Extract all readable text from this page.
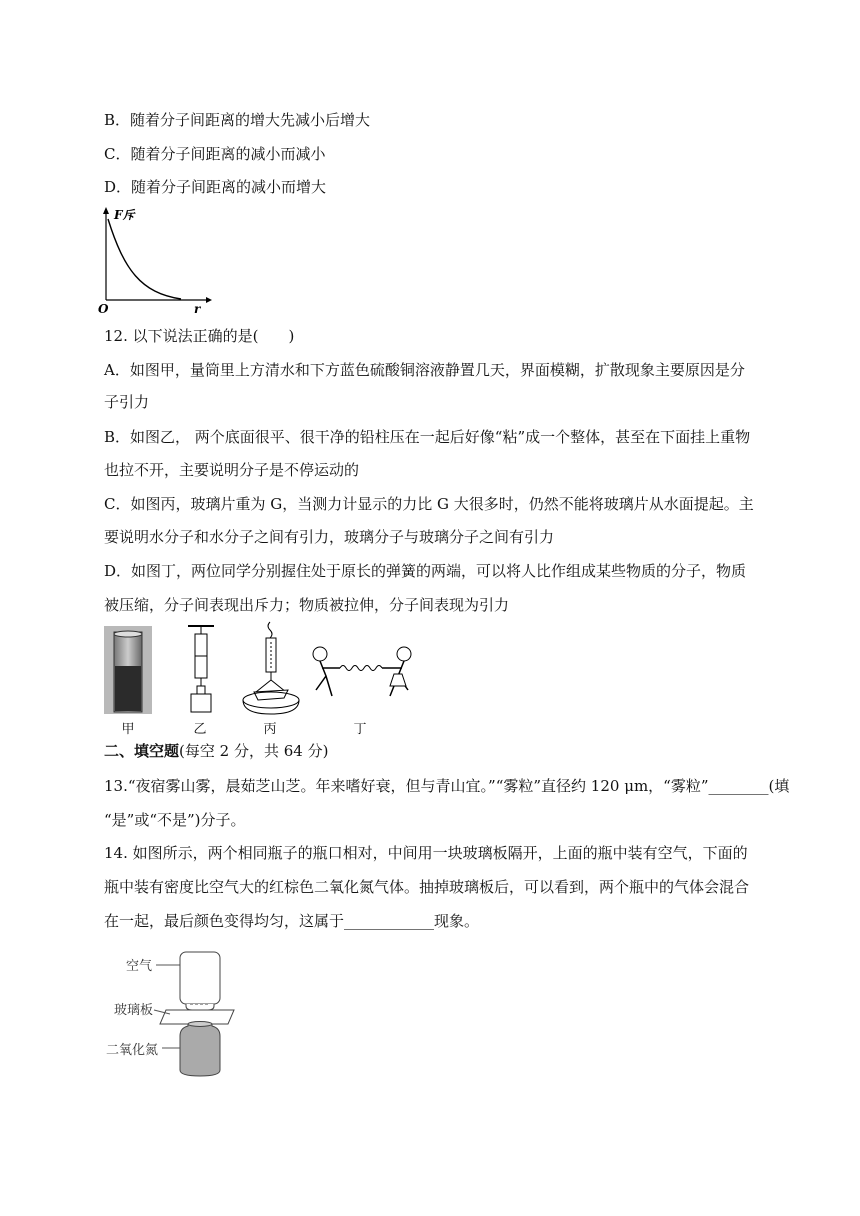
B．随着分子间距离的增大先减小后增大
C．随着分子间距离的减小而减小
D．随着分子间距离的减小而增大
F斥
r
O
12. 以下说法正确的是(　　)
A．如图甲，量筒里上方清水和下方蓝色硫酸铜溶液静置几天，界面模糊，扩散现象主要原因是分
子引力
B．如图乙， 两个底面很平、很干净的铅柱压在一起后好像“粘”成一个整体，甚至在下面挂上重物
也拉不开，主要说明分子是不停运动的
C．如图丙，玻璃片重为 G，当测力计显示的力比 G 大很多时，仍然不能将玻璃片从水面提起。主
要说明水分子和水分子之间有引力，玻璃分子与玻璃分子之间有引力
D．如图丁，两位同学分别握住处于原长的弹簧的两端，可以将人比作组成某些物质的分子，物质
被压缩，分子间表现出斥力；物质被拉伸，分子间表现为引力
甲	乙	丙	丁
二、填空题(每空 2 分，共 64 分)
13.“夜宿雾山雾，晨茹芝山芝。年来嗜好衰，但与青山宜。”“雾粒”直径约 120 μm，“雾粒”________(填
“是”或“不是”)分子。
14. 如图所示，两个相同瓶子的瓶口相对，中间用一块玻璃板隔开，上面的瓶中装有空气，下面的
瓶中装有密度比空气大的红棕色二氧化氮气体。抽掉玻璃板后，可以看到，两个瓶中的气体会混合
在一起，最后颜色变得均匀，这属于____________现象。
空气
玻璃板
二氧化氮
